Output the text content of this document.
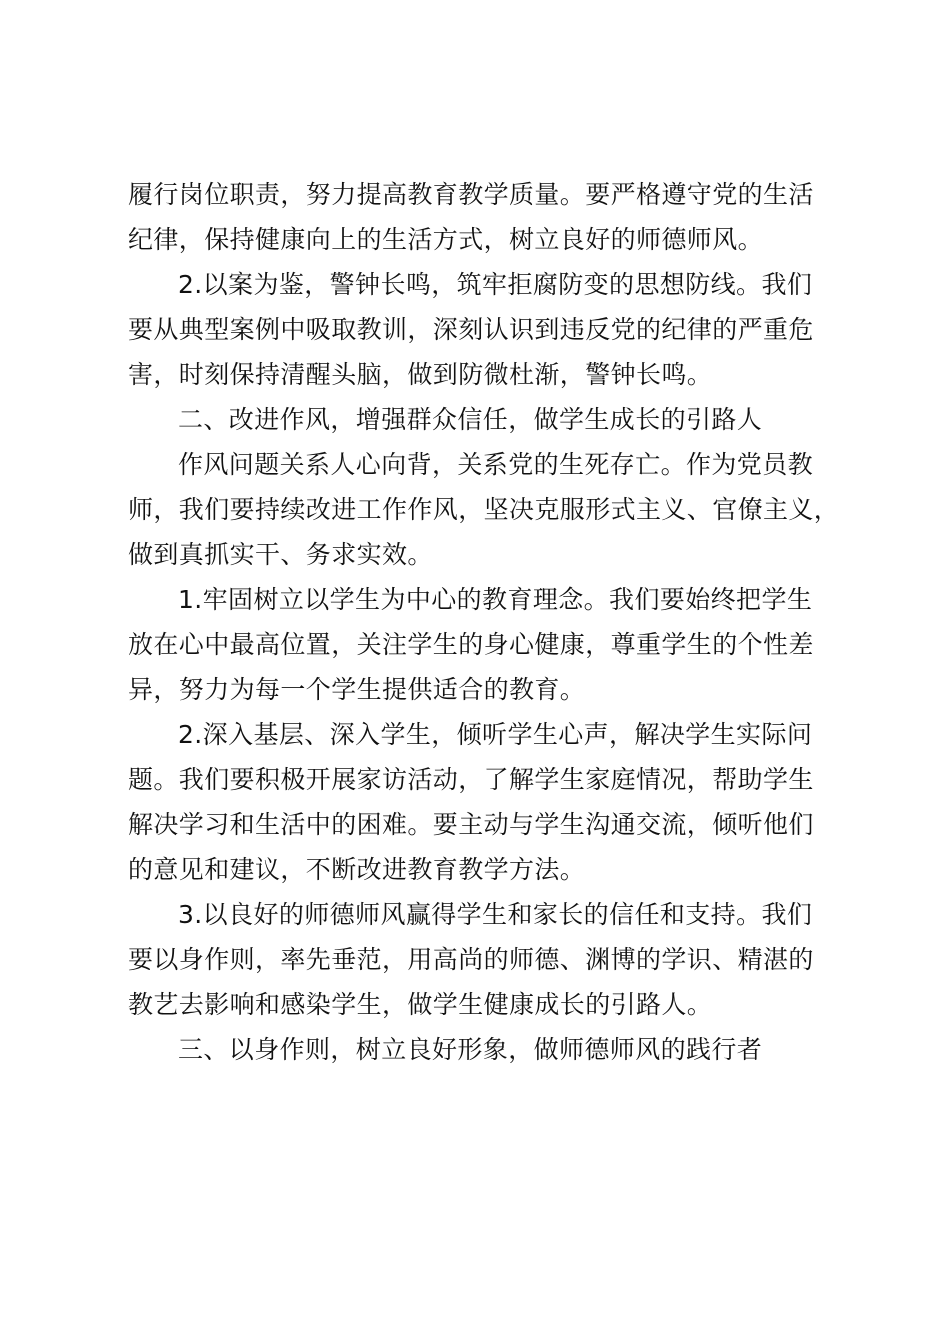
履行岗位职责，努力提高教育教学质量。要严格遵守党的生活
纪律，保持健康向上的生活方式，树立良好的师德师风。
2.以案为鉴，警钟长鸣，筑牢拒腐防变的思想防线。我们
要从典型案例中吸取教训，深刻认识到违反党的纪律的严重危
害，时刻保持清醒头脑，做到防微杜渐，警钟长鸣。
二、改进作风，增强群众信任，做学生成长的引路人
作风问题关系人心向背，关系党的生死存亡。作为党员教
师，我们要持续改进工作作风，坚决克服形式主义、官僚主义，
做到真抓实干、务求实效。
1.牢固树立以学生为中心的教育理念。我们要始终把学生
放在心中最高位置，关注学生的身心健康，尊重学生的个性差
异，努力为每一个学生提供适合的教育。
2.深入基层、深入学生，倾听学生心声，解决学生实际问
题。我们要积极开展家访活动，了解学生家庭情况，帮助学生
解决学习和生活中的困难。要主动与学生沟通交流，倾听他们
的意见和建议，不断改进教育教学方法。
3.以良好的师德师风赢得学生和家长的信任和支持。我们
要以身作则，率先垂范，用高尚的师德、渊博的学识、精湛的
教艺去影响和感染学生，做学生健康成长的引路人。
三、以身作则，树立良好形象，做师德师风的践行者
